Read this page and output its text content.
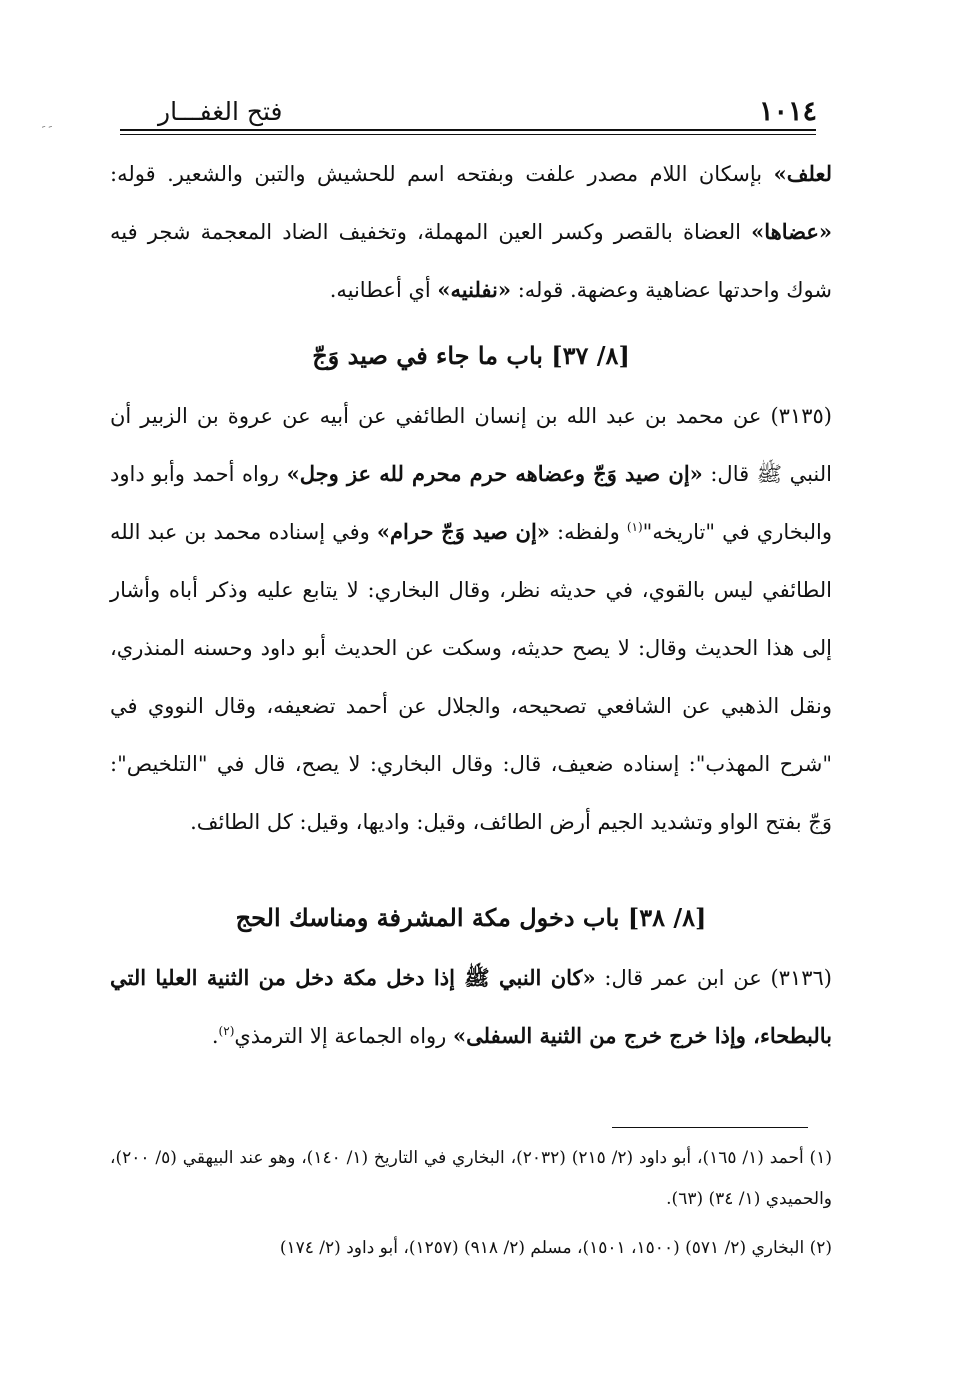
١٠١٤
فتح الغفـــار
ﹶ ﹶ
لعلف» بإسكان اللام مصدر علفت وبفتحه اسم للحشيش والتبن والشعير. قوله: «عضاها» العضاة بالقصر وكسر العين المهملة، وتخفيف الضاد المعجمة شجر فيه شوك واحدتها عضاهية وعضهة. قوله: «نفلنيه» أي أعطانيه.
[٨/ ٣٧] باب ما جاء في صيد وَجّ
(٣١٣٥) عن محمد بن عبد الله بن إنسان الطائفي عن أبيه عن عروة بن الزبير أن النبي ﷺ قال: «إن صيد وَجّ وعضاهه حرم محرم لله عز وجل» رواه أحمد وأبو داود والبخاري في "تاريخه"$^{(١)}$ ولفظه: «إن صيد وَجّ حرام» وفي إسناده محمد بن عبد الله الطائفي ليس بالقوي، في حديثه نظر، وقال البخاري: لا يتابع عليه وذكر أباه وأشار إلى هذا الحديث وقال: لا يصح حديثه، وسكت عن الحديث أبو داود وحسنه المنذري، ونقل الذهبي عن الشافعي تصحيحه، والجلال عن أحمد تضعيفه، وقال النووي في "شرح المهذب": إسناده ضعيف، قال: وقال البخاري: لا يصح، قال في "التلخيص": وَجّ بفتح الواو وتشديد الجيم أرض الطائف، وقيل: واديها، وقيل: كل الطائف.
[٨/ ٣٨] باب دخول مكة المشرفة ومناسك الحج
(٣١٣٦) عن ابن عمر قال: «كان النبي ﷺ إذا دخل مكة دخل من الثنية العليا التي بالبطحاء، وإذا خرج خرج من الثنية السفلى» رواه الجماعة إلا الترمذي$^{(٢)}$.
(١) أحمد (١/ ١٦٥)، أبو داود (٢/ ٢١٥) (٢٠٣٢)، البخاري في التاريخ (١/ ١٤٠)، وهو عند البيهقي (٥/ ٢٠٠)، والحميدي (١/ ٣٤) (٦٣).
(٢) البخاري (٢/ ٥٧١) (١٥٠٠، ١٥٠١)، مسلم (٢/ ٩١٨) (١٢٥٧)، أبو داود (٢/ ١٧٤)
